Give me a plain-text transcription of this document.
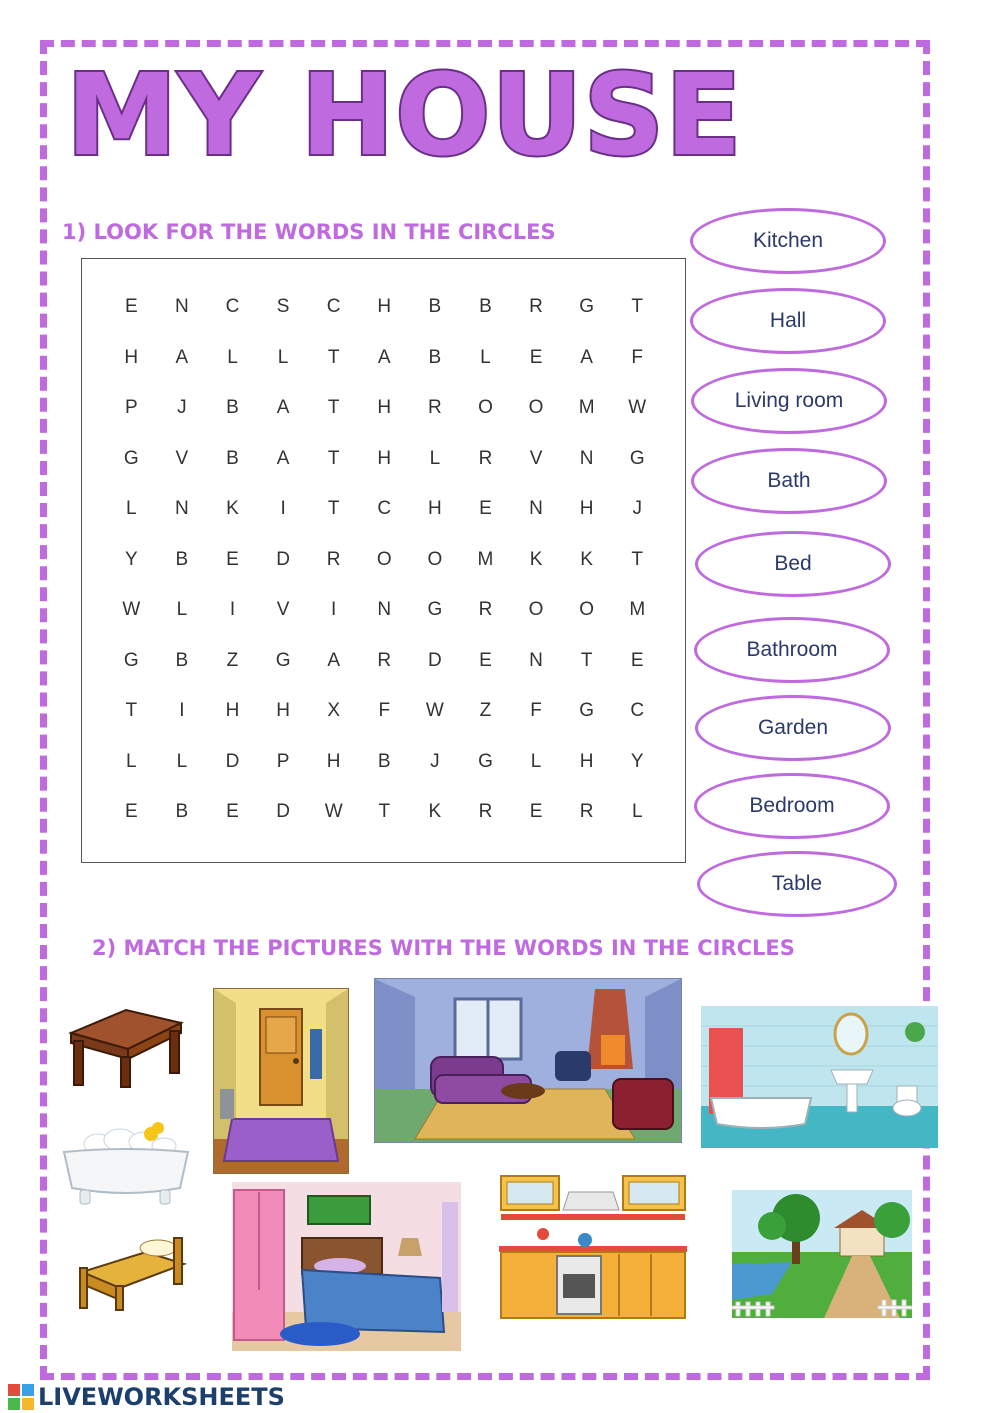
MY HOUSE
1) LOOK FOR THE WORDS IN THE CIRCLES
E	N	C	S	C	H	B	B	R	G	T
H	A	L	L	T	A	B	L	E	A	F
P	J	B	A	T	H	R	O	O	M	W
G	V	B	A	T	H	L	R	V	N	G
L	N	K	I	T	C	H	E	N	H	J
Y	B	E	D	R	O	O	M	K	K	T
W	L	I	V	I	N	G	R	O	O	M
G	B	Z	G	A	R	D	E	N	T	E
T	I	H	H	X	F	W	Z	F	G	C
L	L	D	P	H	B	J	G	L	H	Y
E	B	E	D	W	T	K	R	E	R	L
Kitchen
Hall
Living room
Bath
Bed
Bathroom
Garden
Bedroom
Table
2) MATCH THE PICTURES WITH THE WORDS IN THE CIRCLES
LIVEWORKSHEETS
